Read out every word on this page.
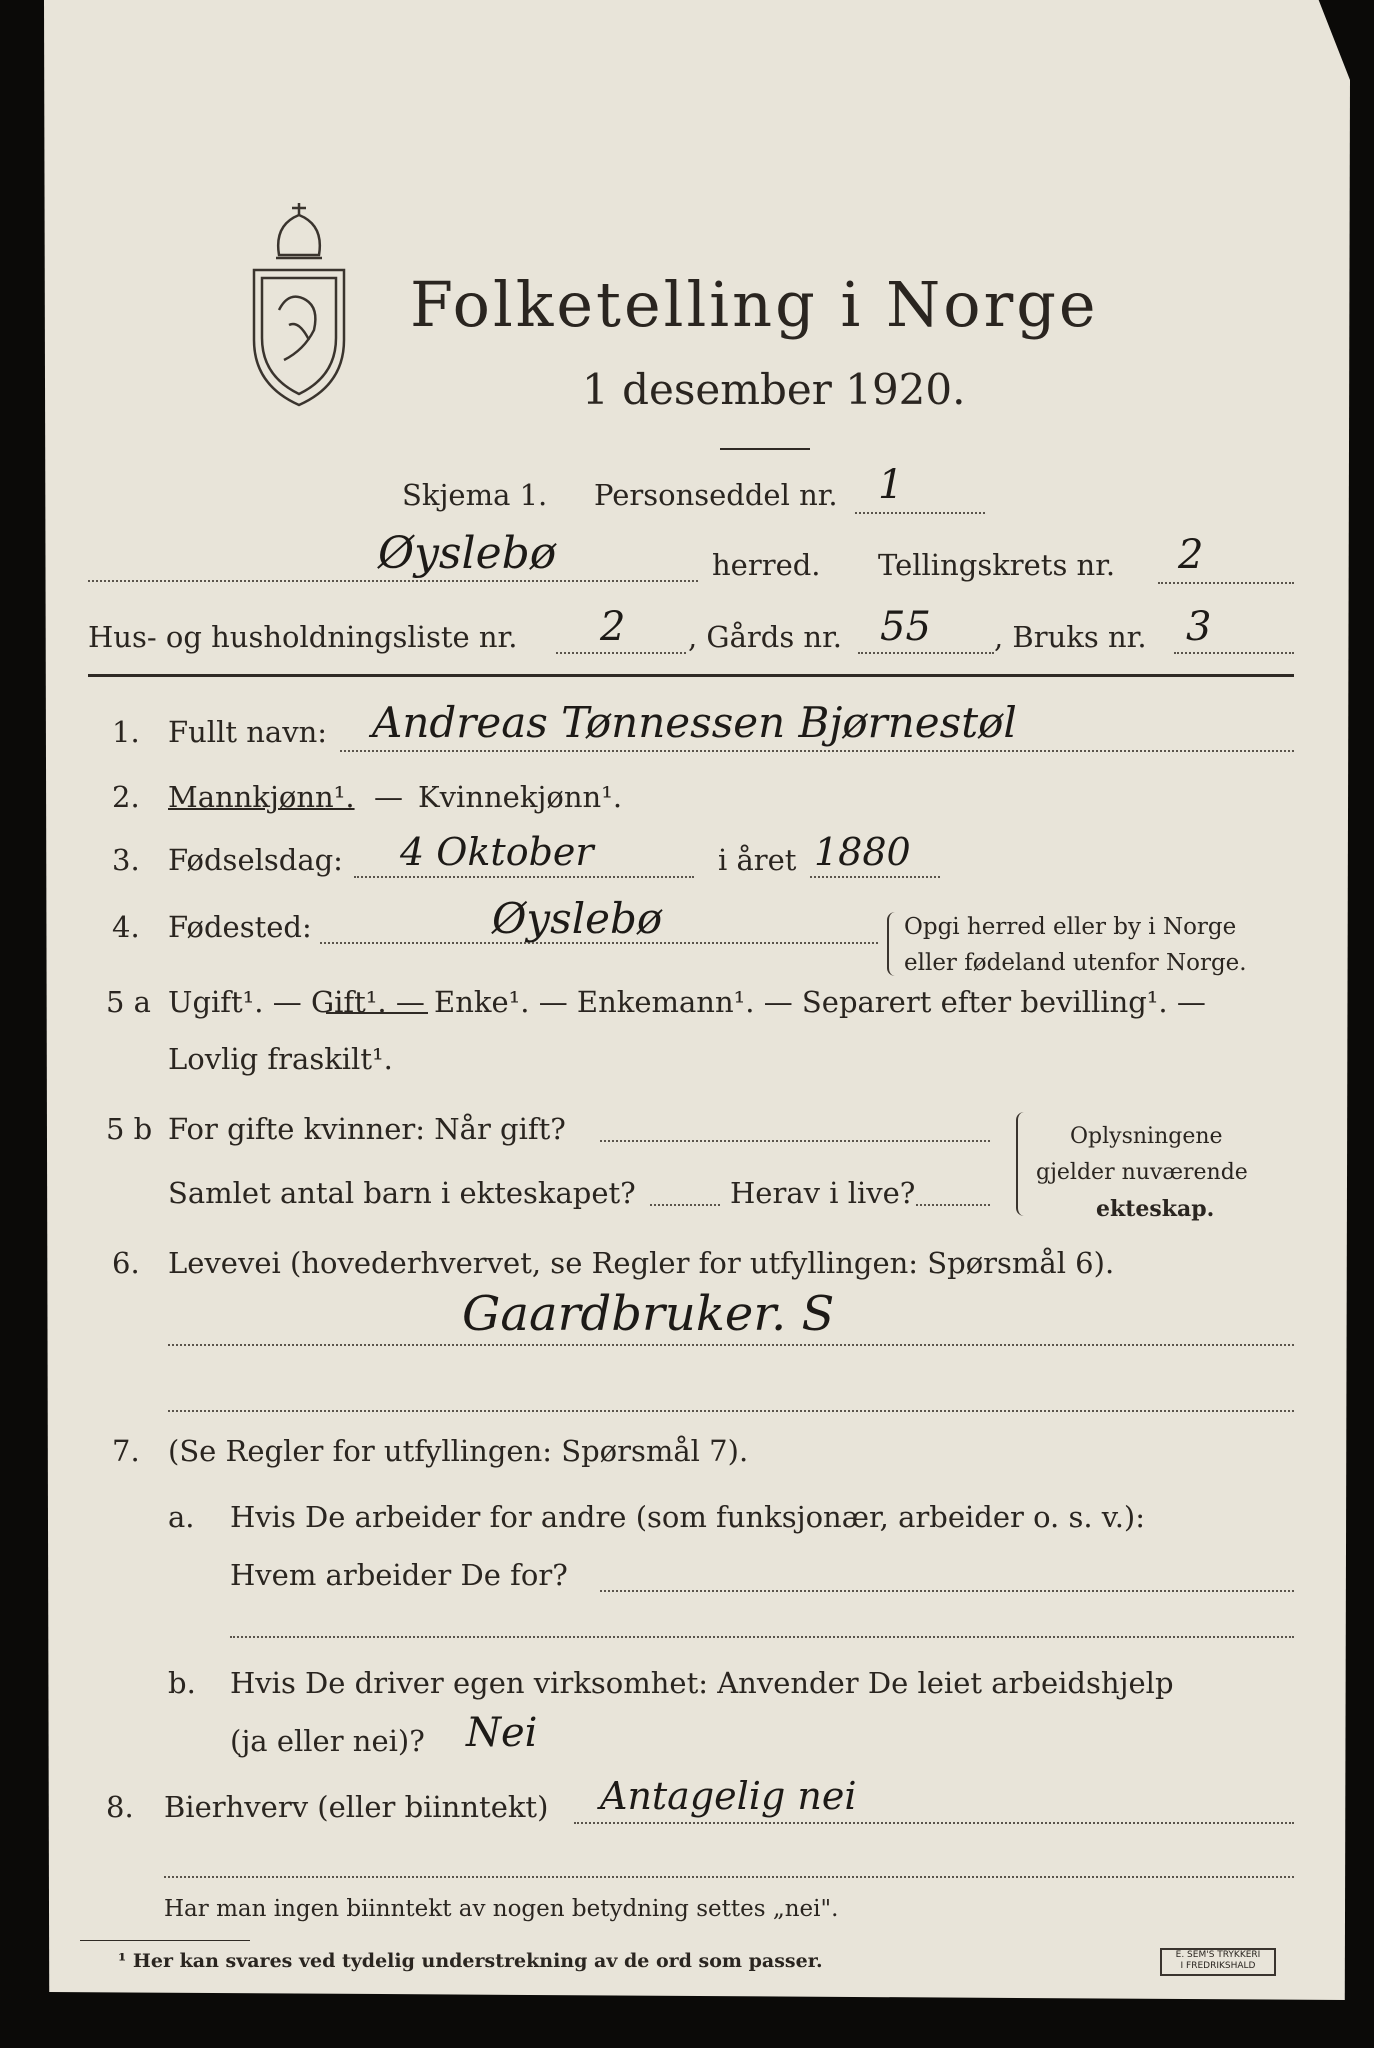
Folketelling i Norge
1 desember 1920.
Skjema 1. Personseddel nr. 1
Øyslebø	herred. Tellingskrets nr. 2
Hus- og husholdningsliste nr. 2 , Gårds nr. 55 , Bruks nr. 3
1. Fullt navn: Andreas Tønnessen Bjørnestøl
2. Mannkjønn¹. — Kvinnekjønn¹.
3. Fødselsdag: 4 Oktober	i året 1880
4. Fødested:	Øyslebø	Opgi herred eller by i Norge
eller fødeland utenfor Norge.
5 a Ugift¹. — Gift¹. — Enke¹. — Enkemann¹. — Separert efter bevilling¹. —
Lovlig fraskilt¹.
5 b For gifte kvinner: Når gift?
Samlet antal barn i ekteskapet?	Herav i live?
Oplysningene
gjelder nuværende
ekteskap.
6. Levevei (hovederhvervet, se Regler for utfyllingen: Spørsmål 6).
Gaardbruker. S
7. (Se Regler for utfyllingen: Spørsmål 7).
a. Hvis De arbeider for andre (som funksjonær, arbeider o. s. v.):
Hvem arbeider De for?
b. Hvis De driver egen virksomhet: Anvender De leiet arbeidshjelp
(ja eller nei)? Nei
8. Bierhverv (eller biinntekt) Antagelig nei
Har man ingen biinntekt av nogen betydning settes „nei".
¹ Her kan svares ved tydelig understrekning av de ord som passer.	E. SEM'S TRYKKERI
I FREDRIKSHALD
